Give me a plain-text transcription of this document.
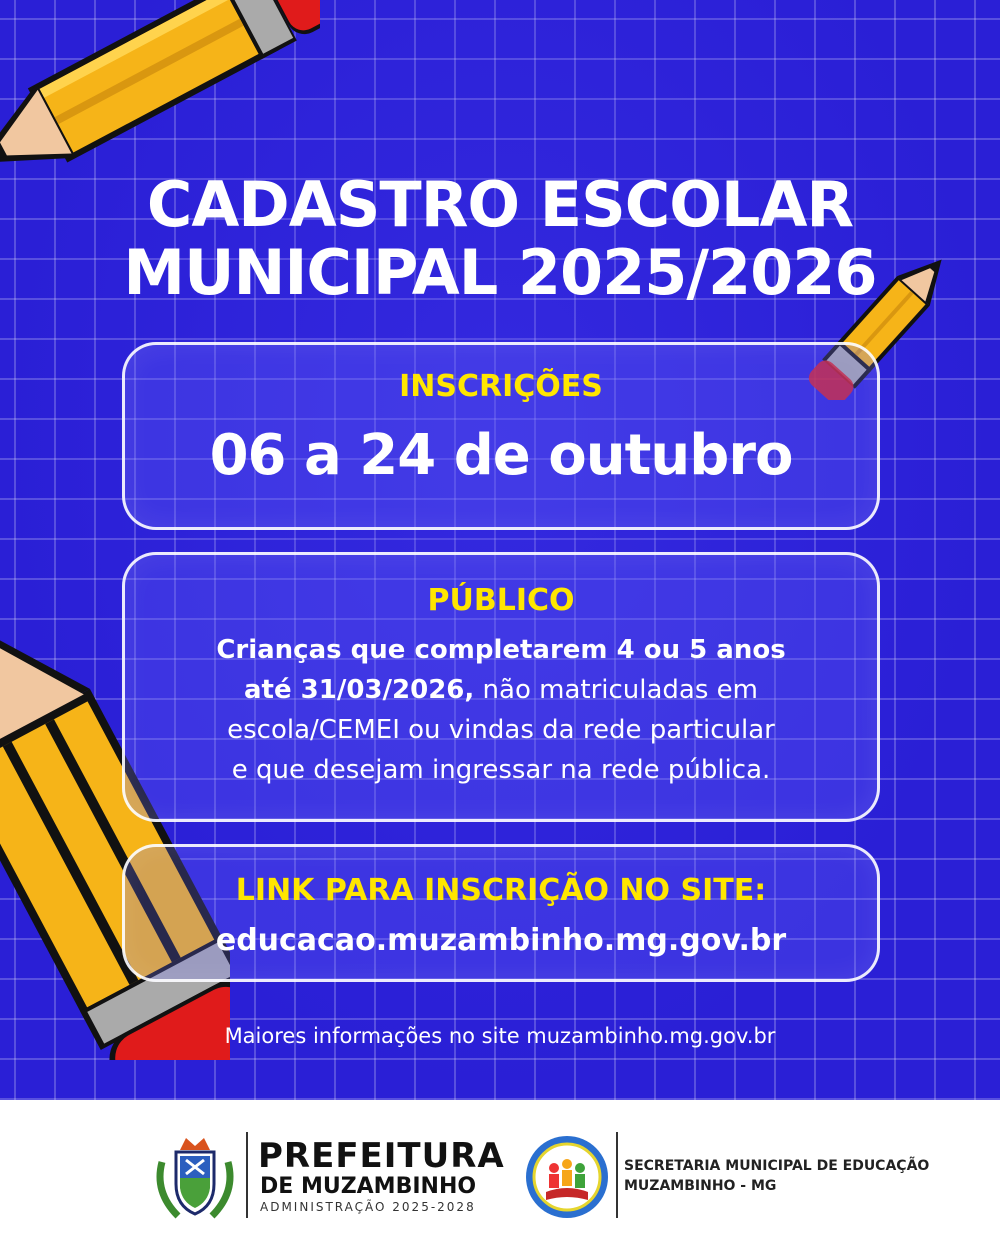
CADASTRO ESCOLAR
MUNICIPAL 2025/2026
INSCRIÇÕES
06 a 24 de outubro
PÚBLICO
Crianças que completarem 4 ou 5 anos
até 31/03/2026, não matriculadas em
escola/CEMEI ou vindas da rede particular
e que desejam ingressar na rede pública.
LINK PARA INSCRIÇÃO NO SITE:
educacao.muzambinho.mg.gov.br
Maiores informações no site muzambinho.mg.gov.br
PREFEITURA
DE MUZAMBINHO
ADMINISTRAÇÃO 2025-2028
SECRETARIA MUNICIPAL DE EDUCAÇÃO
MUZAMBINHO - MG
